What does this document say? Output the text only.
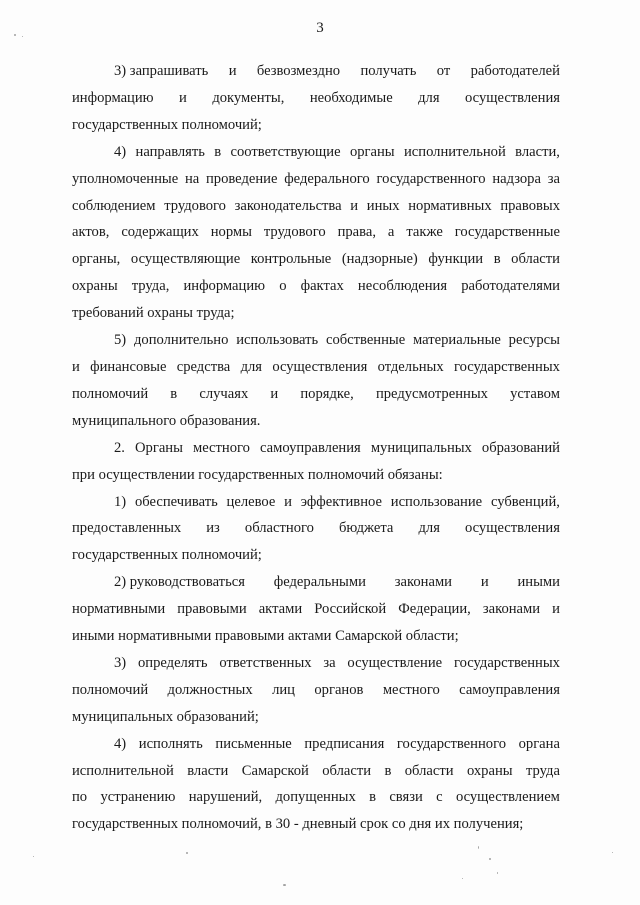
3
3) запрашивать и безвозмездно получать от работодателей
информацию и документы, необходимые для осуществления
государственных полномочий;
4) направлять в соответствующие органы исполнительной власти,
уполномоченные на проведение федерального государственного надзора за
соблюдением трудового законодательства и иных нормативных правовых
актов, содержащих нормы трудового права, а также государственные
органы, осуществляющие контрольные (надзорные) функции в области
охраны труда, информацию о фактах несоблюдения работодателями
требований охраны труда;
5) дополнительно использовать собственные материальные ресурсы
и финансовые средства для осуществления отдельных государственных
полномочий в случаях и порядке, предусмотренных уставом
муниципального образования.
2. Органы местного самоуправления муниципальных образований
при осуществлении государственных полномочий обязаны:
1) обеспечивать целевое и эффективное использование субвенций,
предоставленных из областного бюджета для осуществления
государственных полномочий;
2) руководствоваться федеральными законами и иными
нормативными правовыми актами Российской Федерации, законами и
иными нормативными правовыми актами Самарской области;
3) определять ответственных за осуществление государственных
полномочий должностных лиц органов местного самоуправления
муниципальных образований;
4) исполнять письменные предписания государственного органа
исполнительной власти Самарской области в области охраны труда
по устранению нарушений, допущенных в связи с осуществлением
государственных полномочий, в 30 - дневный срок со дня их получения;
